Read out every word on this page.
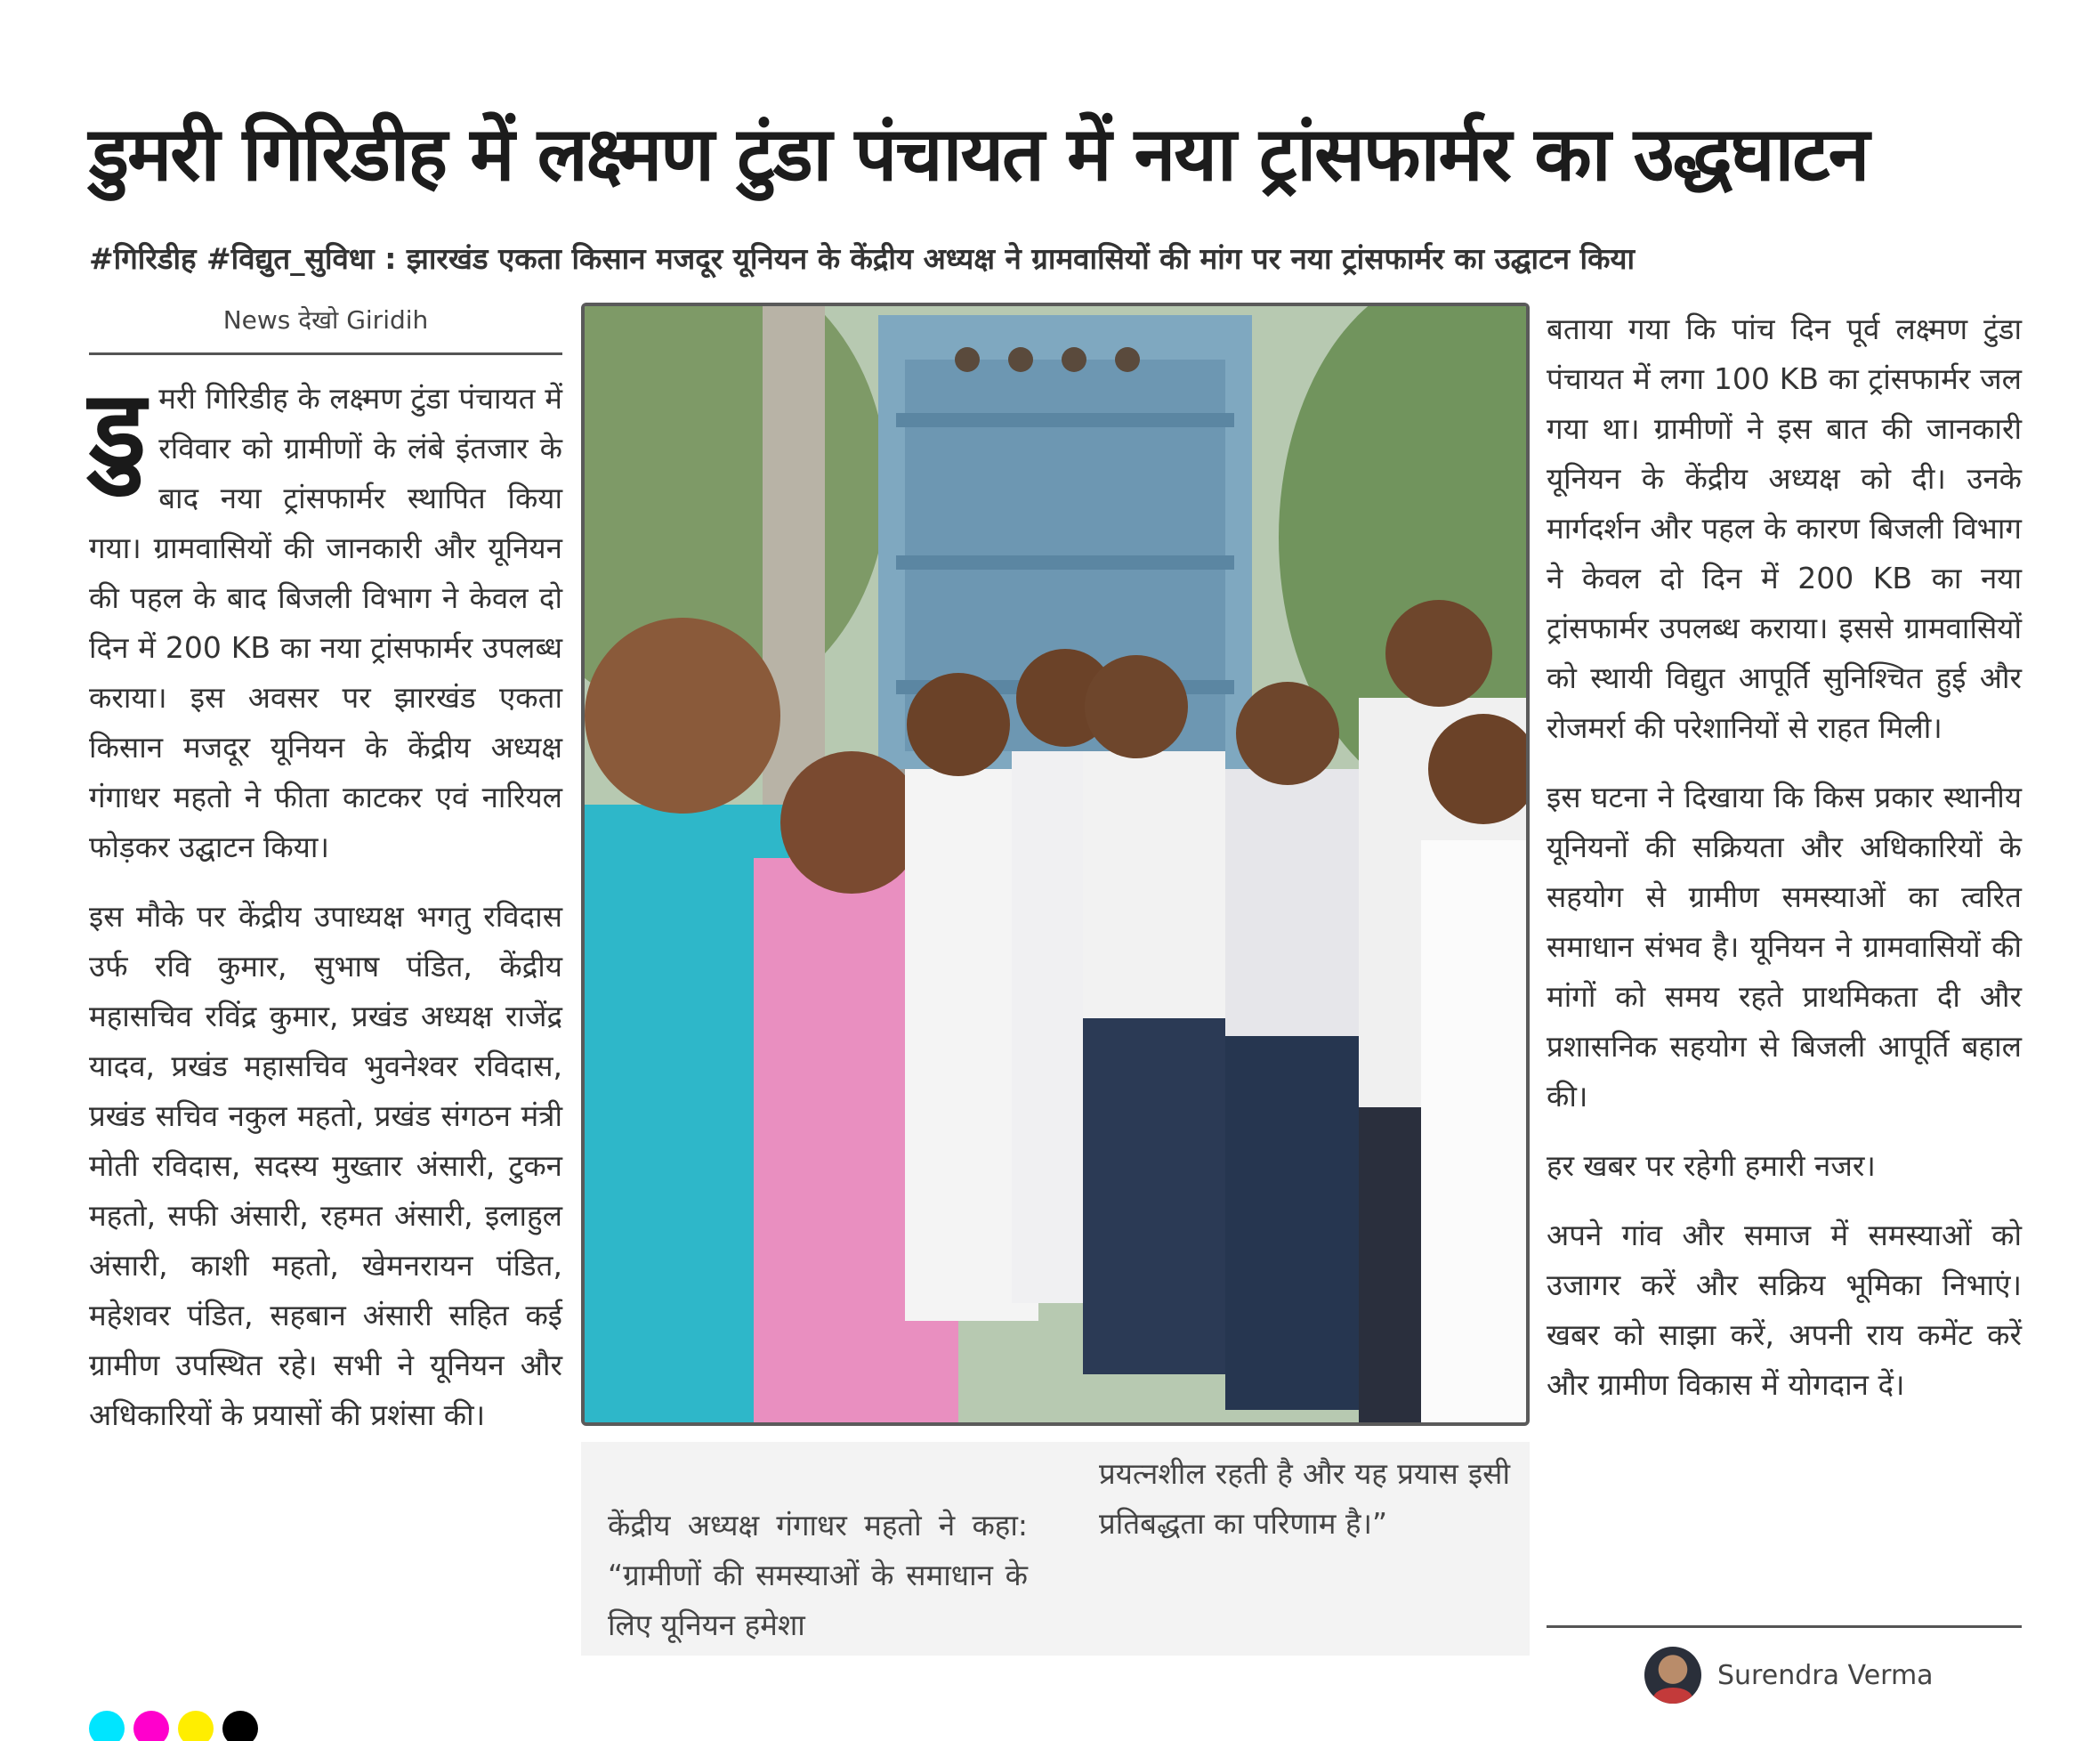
डुमरी गिरिडीह में लक्ष्मण टुंडा पंचायत में नया ट्रांसफार्मर का उद्धघाटन
#गिरिडीह #विद्युत_सुविधा : झारखंड एकता किसान मजदूर यूनियन के केंद्रीय अध्यक्ष ने ग्रामवासियों की मांग पर नया ट्रांसफार्मर का उद्घाटन किया
News देखो Giridih

डुमरी गिरिडीह के लक्ष्मण टुंडा पंचायत में रविवार को ग्रामीणों के लंबे इंतजार के बाद नया ट्रांसफार्मर स्थापित किया गया। ग्रामवासियों की जानकारी और यूनियन की पहल के बाद बिजली विभाग ने केवल दो दिन में 200 KB का नया ट्रांसफार्मर उपलब्ध कराया। इस अवसर पर झारखंड एकता किसान मजदूर यूनियन के केंद्रीय अध्यक्ष गंगाधर महतो ने फीता काटकर एवं नारियल फोड़कर उद्घाटन किया।

इस मौके पर केंद्रीय उपाध्यक्ष भगतु रविदास उर्फ रवि कुमार, सुभाष पंडित, केंद्रीय महासचिव रविंद्र कुमार, प्रखंड अध्यक्ष राजेंद्र यादव, प्रखंड महासचिव भुवनेश्वर रविदास, प्रखंड सचिव नकुल महतो, प्रखंड संगठन मंत्री मोती रविदास, सदस्य मुख्तार अंसारी, टुकन महतो, सफी अंसारी, रहमत अंसारी, इलाहुल अंसारी, काशी महतो, खेमनरायन पंडित, महेशवर पंडित, सहबान अंसारी सहित कई ग्रामीण उपस्थित रहे। सभी ने यूनियन और अधिकारियों के प्रयासों की प्रशंसा की।

केंद्रीय अध्यक्ष गंगाधर महतो ने कहा: “ग्रामीणों की समस्याओं के समाधान के लिए यूनियन हमेशा
प्रयत्नशील रहती है और यह प्रयास इसी प्रतिबद्धता का परिणाम है।”

बताया गया कि पांच दिन पूर्व लक्ष्मण टुंडा पंचायत में लगा 100 KB का ट्रांसफार्मर जल गया था। ग्रामीणों ने इस बात की जानकारी यूनियन के केंद्रीय अध्यक्ष को दी। उनके मार्गदर्शन और पहल के कारण बिजली विभाग ने केवल दो दिन में 200 KB का नया ट्रांसफार्मर उपलब्ध कराया। इससे ग्रामवासियों को स्थायी विद्युत आपूर्ति सुनिश्चित हुई और रोजमर्रा की परेशानियों से राहत मिली।

इस घटना ने दिखाया कि किस प्रकार स्थानीय यूनियनों की सक्रियता और अधिकारियों के सहयोग से ग्रामीण समस्याओं का त्वरित समाधान संभव है। यूनियन ने ग्रामवासियों की मांगों को समय रहते प्राथमिकता दी और प्रशासनिक सहयोग से बिजली आपूर्ति बहाल की।

हर खबर पर रहेगी हमारी नजर।

अपने गांव और समाज में समस्याओं को उजागर करें और सक्रिय भूमिका निभाएं। खबर को साझा करें, अपनी राय कमेंट करें और ग्रामीण विकास में योगदान दें।

Surendra Verma
